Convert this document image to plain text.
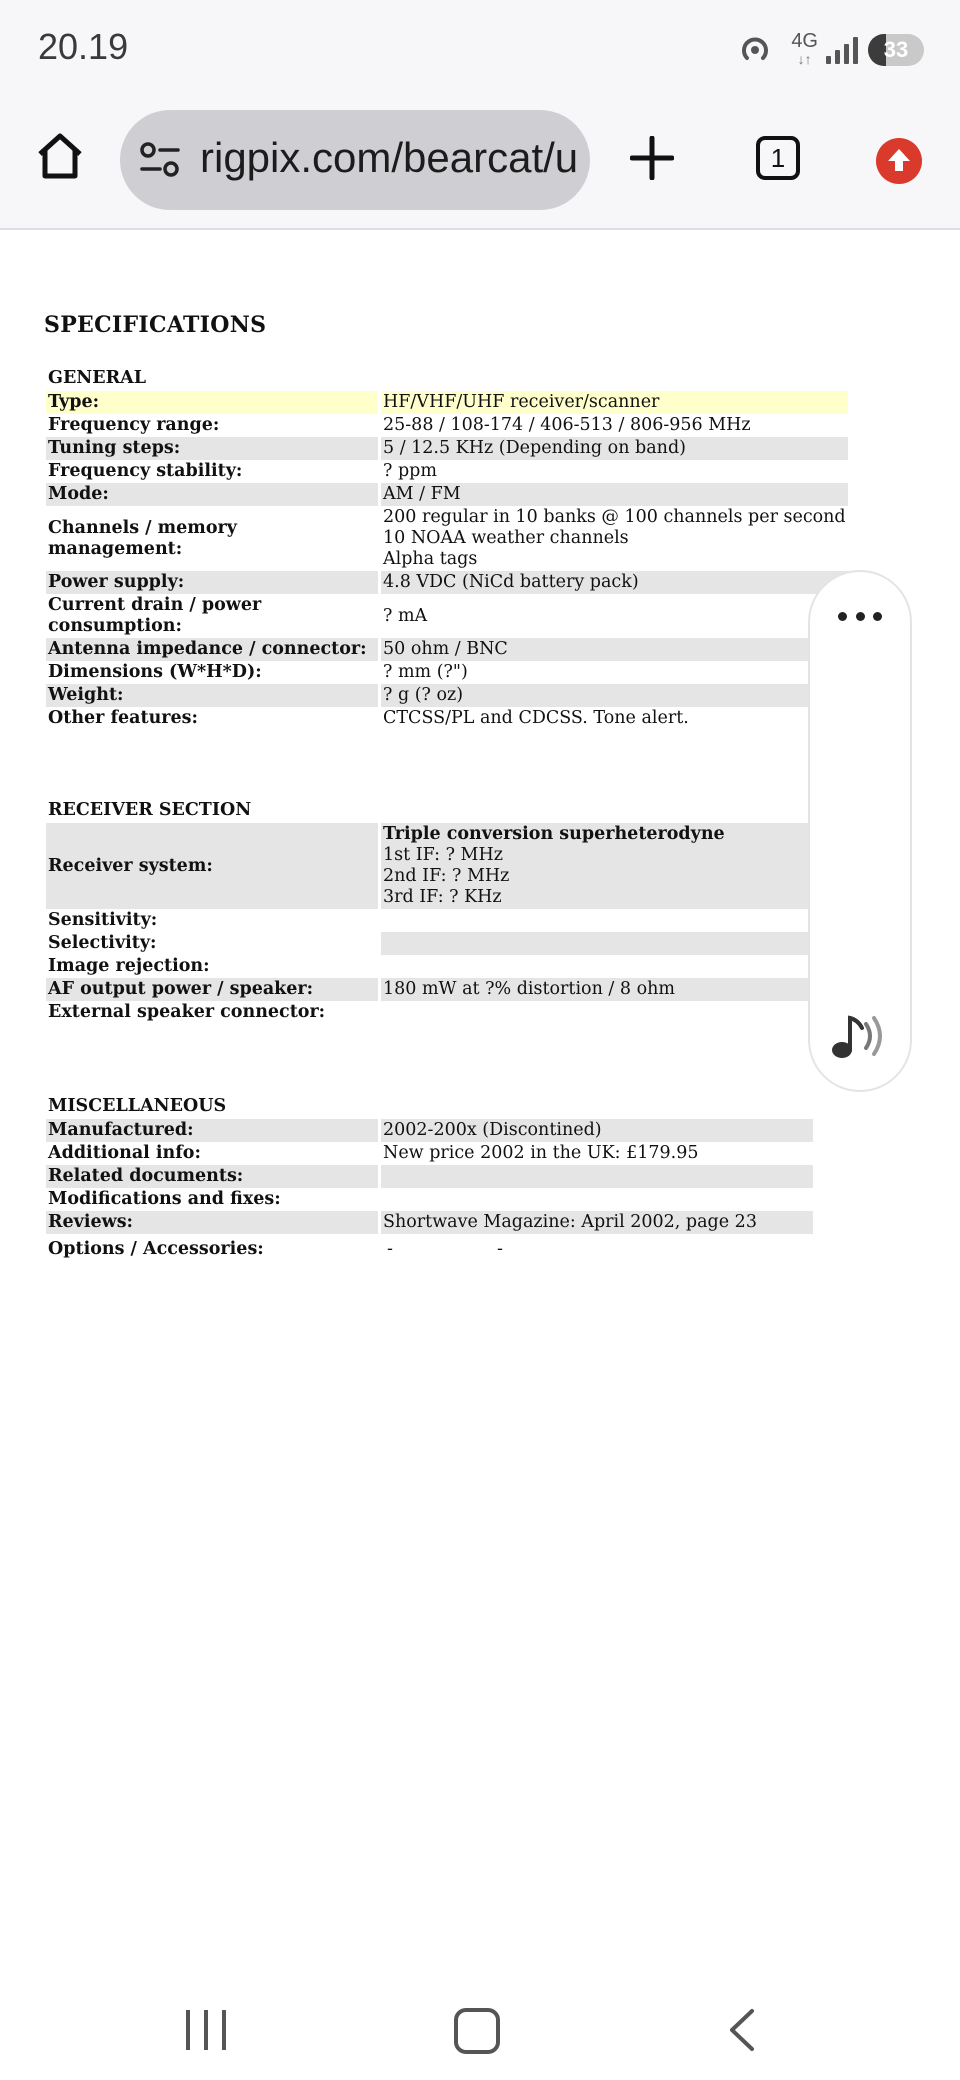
20.19	4G
↓↑	33
rigpix.com/bearcat/u	1
SPECIFICATIONS
GENERAL	
Type:	HF/VHF/UHF receiver/scanner
Frequency range:	25-88 / 108-174 / 406-513 / 806-956 MHz
Tuning steps:	5 / 12.5 KHz (Depending on band)
Frequency stability:	? ppm
Mode:	AM / FM
Channels / memory management:	200 regular in 10 banks @ 100 channels per second
10 NOAA weather channels
Alpha tags

Power supply:	4.8 VDC (NiCd battery pack)
Current drain / power consumption:	? mA
Antenna impedance / connector:	50 ohm / BNC
Dimensions (W*H*D):	? mm (?")
Weight:	? g (? oz)
Other features:	CTCSS/PL and CDCSS. Tone alert.
RECEIVER SECTION	
Receiver system:	Triple conversion superheterodyne
1st IF: ? MHz
2nd IF: ? MHz
3rd IF: ? KHz

Sensitivity:	
Selectivity:	
Image rejection:	
AF output power / speaker:	180 mW at ?% distortion / 8 ohm
External speaker connector:	
MISCELLANEOUS	
Manufactured:	2002-200x (Discontined)
Additional info:	New price 2002 in the UK: £179.95
Related documents:	
Modifications and fixes:	
Reviews:	Shortwave Magazine: April 2002, page 23
Options / Accessories:	- -
